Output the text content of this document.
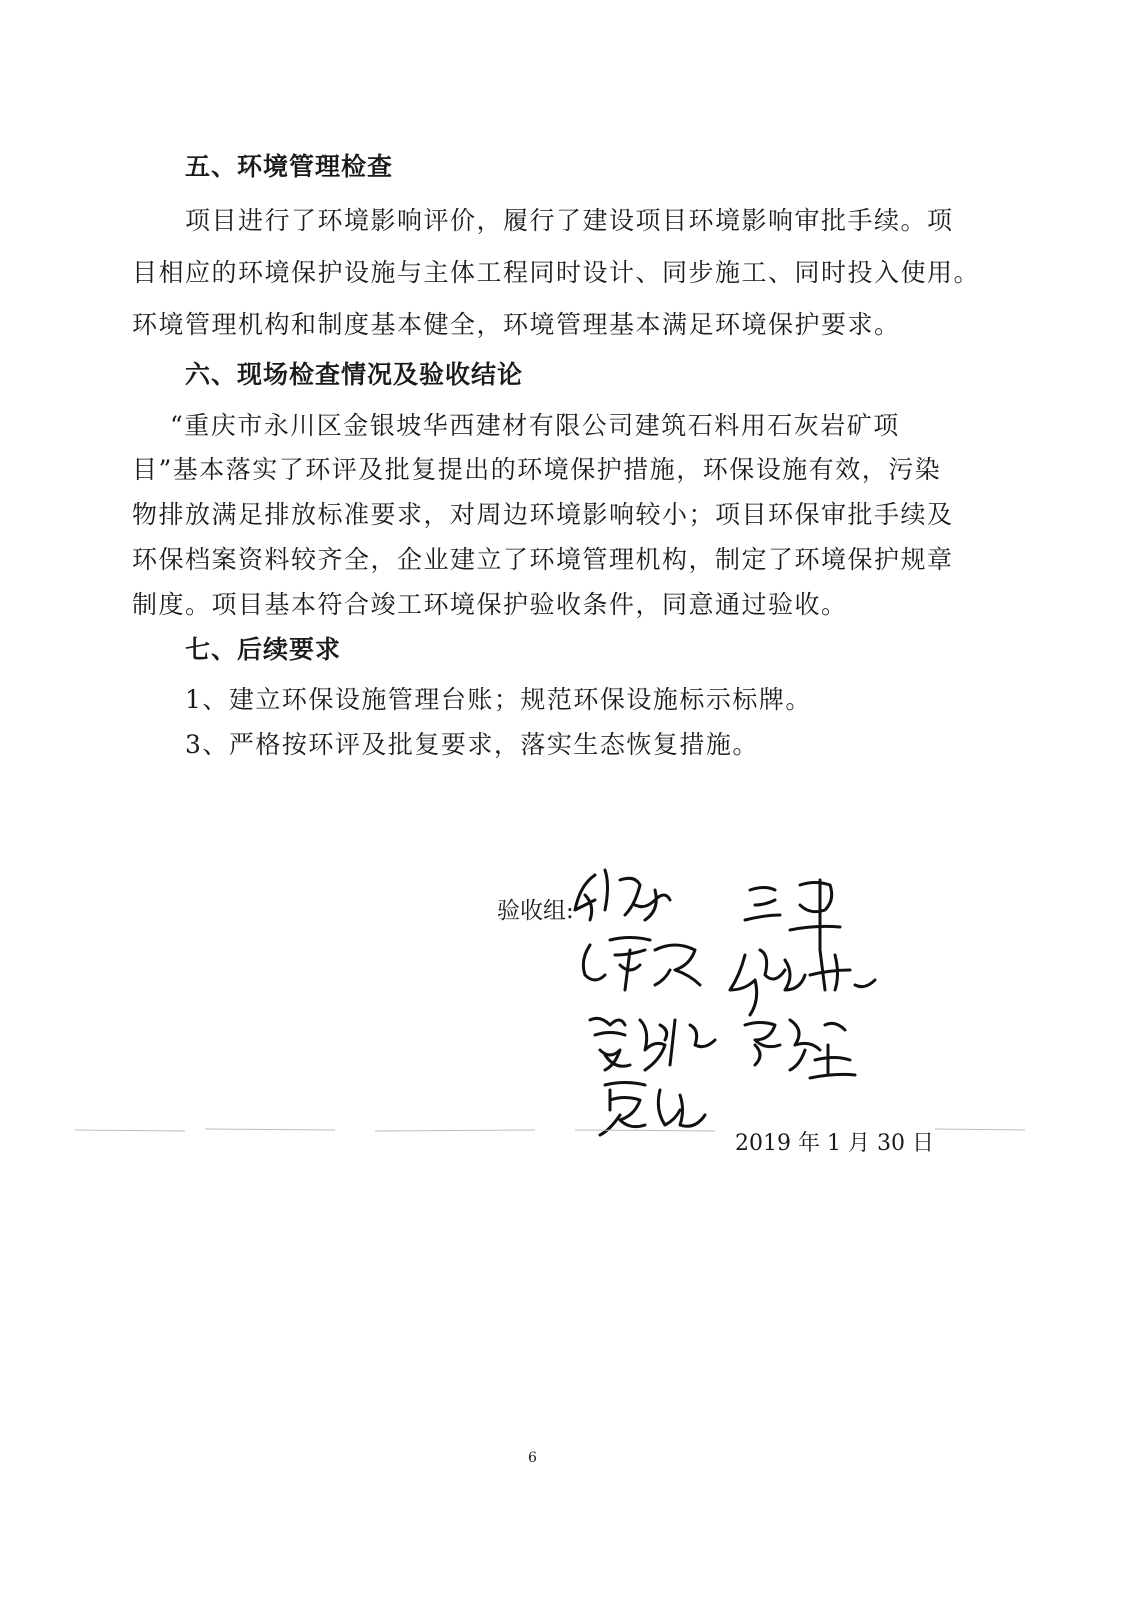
五、环境管理检查
项目进行了环境影响评价，履行了建设项目环境影响审批手续。项
目相应的环境保护设施与主体工程同时设计、同步施工、同时投入使用。
环境管理机构和制度基本健全，环境管理基本满足环境保护要求。
六、现场检查情况及验收结论
“重庆市永川区金银坡华西建材有限公司建筑石料用石灰岩矿项
目”基本落实了环评及批复提出的环境保护措施，环保设施有效，污染
物排放满足排放标准要求，对周边环境影响较小；项目环保审批手续及
环保档案资料较齐全，企业建立了环境管理机构，制定了环境保护规章
制度。项目基本符合竣工环境保护验收条件，同意通过验收。
七、后续要求
1、建立环保设施管理台账；规范环保设施标示标牌。
3、严格按环评及批复要求，落实生态恢复措施。
验收组:
2019 年 1 月 30 日
6
